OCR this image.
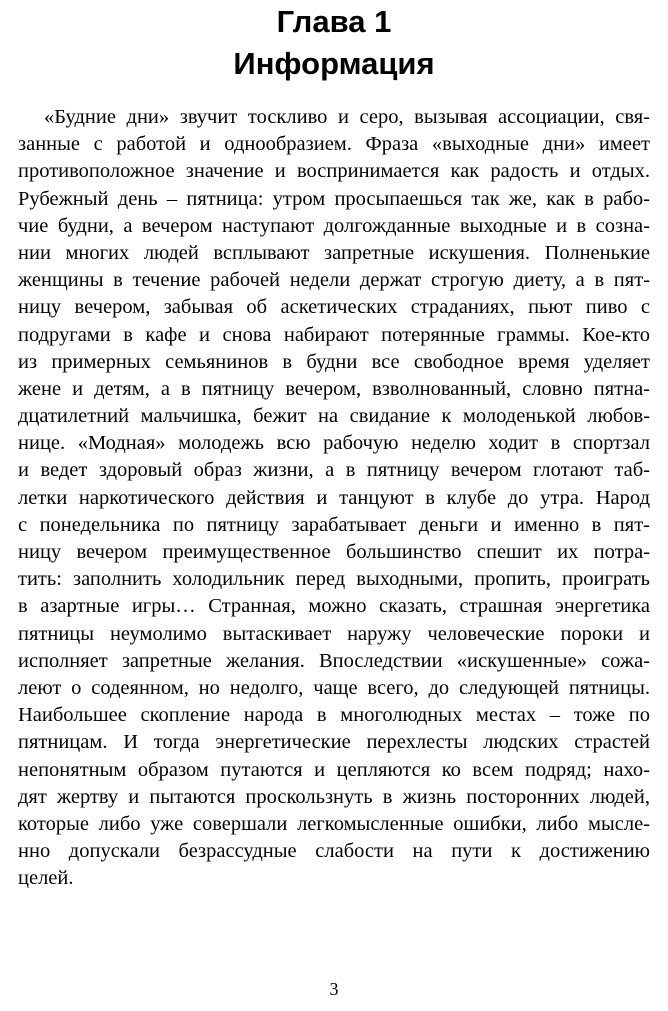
Глава 1
Информация
«Будние дни» звучит тоскливо и серо, вызывая ассоциации, свя-
занные с работой и однообразием. Фраза «выходные дни» имеет
противоположное значение и воспринимается как радость и отдых.
Рубежный день – пятница: утром просыпаешься так же, как в рабо-
чие будни, а вечером наступают долгожданные выходные и в созна-
нии многих людей всплывают запретные искушения. Полненькие
женщины в течение рабочей недели держат строгую диету, а в пят-
ницу вечером, забывая об аскетических страданиях, пьют пиво с
подругами в кафе и снова набирают потерянные граммы. Кое-кто
из примерных семьянинов в будни все свободное время уделяет
жене и детям, а в пятницу вечером, взволнованный, словно пятна-
дцатилетний мальчишка, бежит на свидание к молоденькой любов-
нице. «Модная» молодежь всю рабочую неделю ходит в спортзал
и ведет здоровый образ жизни, а в пятницу вечером глотают таб-
летки наркотического действия и танцуют в клубе до утра. Народ
с понедельника по пятницу зарабатывает деньги и именно в пят-
ницу вечером преимущественное большинство спешит их потра-
тить: заполнить холодильник перед выходными, пропить, проиграть
в азартные игры… Странная, можно сказать, страшная энергетика
пятницы неумолимо вытаскивает наружу человеческие пороки и
исполняет запретные желания. Впоследствии «искушенные» сожа-
леют о содеянном, но недолго, чаще всего, до следующей пятницы.
Наибольшее скопление народа в многолюдных местах – тоже по
пятницам. И тогда энергетические перехлесты людских страстей
непонятным образом путаются и цепляются ко всем подряд; нахо-
дят жертву и пытаются проскользнуть в жизнь посторонних людей,
которые либо уже совершали легкомысленные ошибки, либо мысле-
нно допускали безрассудные слабости на пути к достижению
целей.
3
